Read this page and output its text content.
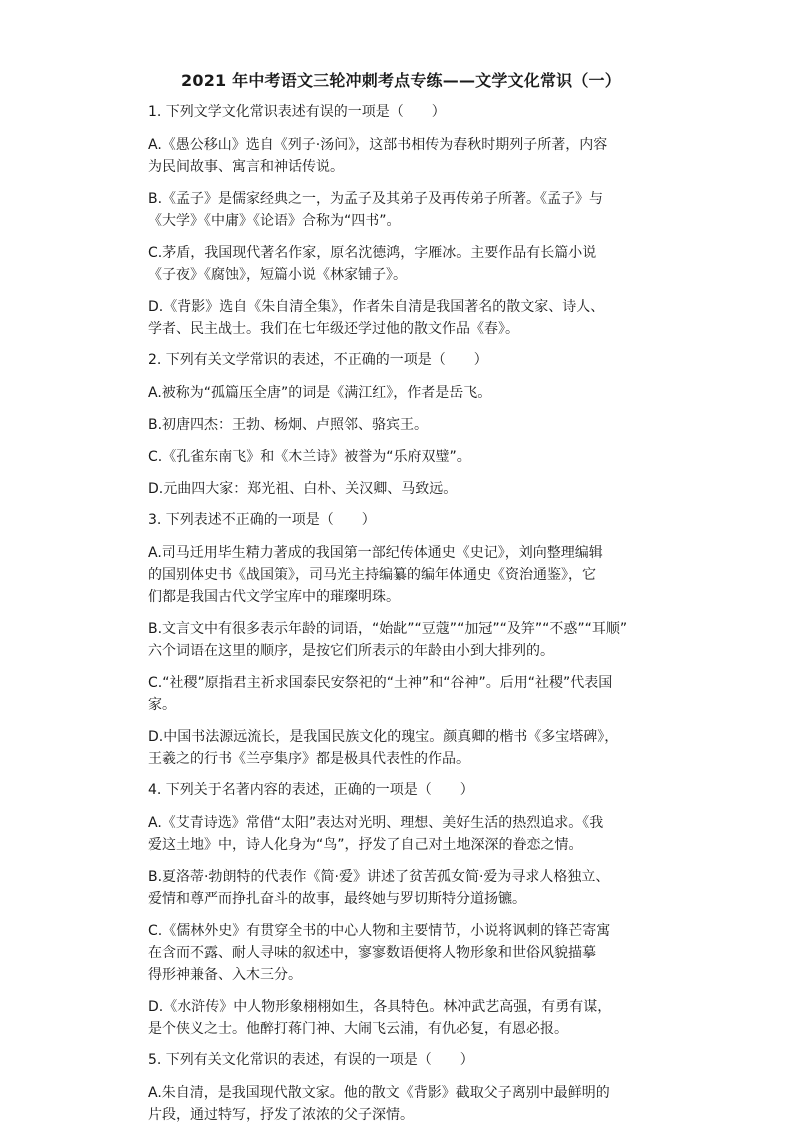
2021 年中考语文三轮冲刺考点专练——文学文化常识（一）
1. 下列文学文化常识表述有误的一项是（　　）
A.《愚公移山》选自《列子·汤问》，这部书相传为春秋时期列子所著，内容
为民间故事、寓言和神话传说。
B.《孟子》是儒家经典之一，为孟子及其弟子及再传弟子所著。《孟子》与
《大学》《中庸》《论语》合称为“四书”。
C.茅盾，我国现代著名作家，原名沈德鸿，字雁冰。主要作品有长篇小说
《子夜》《腐蚀》，短篇小说《林家铺子》。
D.《背影》选自《朱自清全集》，作者朱自清是我国著名的散文家、诗人、
学者、民主战士。我们在七年级还学过他的散文作品《春》。
2. 下列有关文学常识的表述，不正确的一项是（　　）
A.被称为“孤篇压全唐”的词是《满江红》，作者是岳飞。
B.初唐四杰：王勃、杨炯、卢照邻、骆宾王。
C.《孔雀东南飞》和《木兰诗》被誉为“乐府双璧”。
D.元曲四大家：郑光祖、白朴、关汉卿、马致远。
3. 下列表述不正确的一项是（　　）
A.司马迁用毕生精力著成的我国第一部纪传体通史《史记》，刘向整理编辑
的国别体史书《战国策》，司马光主持编纂的编年体通史《资治通鉴》，它
们都是我国古代文学宝库中的璀璨明珠。
B.文言文中有很多表示年龄的词语，“始龀”“豆蔻”“加冠”“及笄”“不惑”“耳顺”
六个词语在这里的顺序，是按它们所表示的年龄由小到大排列的。
C.“社稷”原指君主祈求国泰民安祭祀的“土神”和“谷神”。后用“社稷”代表国
家。
D.中国书法源远流长，是我国民族文化的瑰宝。颜真卿的楷书《多宝塔碑》，
王羲之的行书《兰亭集序》都是极具代表性的作品。
4. 下列关于名著内容的表述，正确的一项是（　　）
A.《艾青诗选》常借“太阳”表达对光明、理想、美好生活的热烈追求。《我
爱这土地》中，诗人化身为“鸟”，抒发了自己对土地深深的眷恋之情。
B.夏洛蒂·勃朗特的代表作《简·爱》讲述了贫苦孤女简·爱为寻求人格独立、
爱情和尊严而挣扎奋斗的故事，最终她与罗切斯特分道扬镳。
C.《儒林外史》有贯穿全书的中心人物和主要情节，小说将讽刺的锋芒寄寓
在含而不露、耐人寻味的叙述中，寥寥数语便将人物形象和世俗风貌描摹
得形神兼备、入木三分。
D.《水浒传》中人物形象栩栩如生，各具特色。林冲武艺高强，有勇有谋，
是个侠义之士。他醉打蒋门神、大闹飞云浦，有仇必复，有恩必报。
5. 下列有关文化常识的表述，有误的一项是（　　）
A.朱自清，是我国现代散文家。他的散文《背影》截取父子离别中最鲜明的
片段，通过特写，抒发了浓浓的父子深情。
